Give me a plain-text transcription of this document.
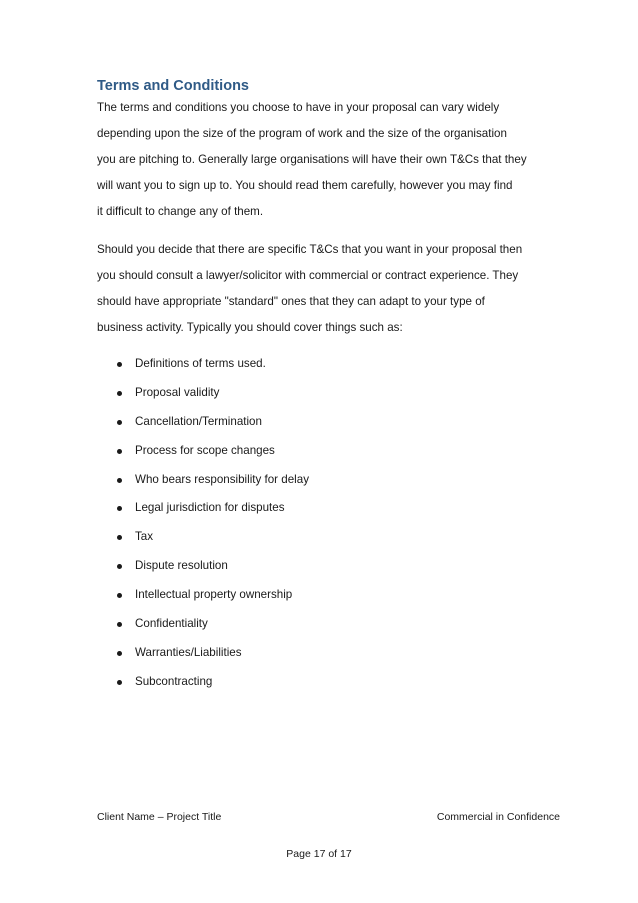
Terms and Conditions

The terms and conditions you choose to have in your proposal can vary widely
depending upon the size of the program of work and the size of the organisation
you are pitching to. Generally large organisations will have their own T&Cs that they
will want you to sign up to. You should read them carefully, however you may find
it difficult to change any of them.

Should you decide that there are specific T&Cs that you want in your proposal then
you should consult a lawyer/solicitor with commercial or contract experience. They
should have appropriate "standard" ones that they can adapt to your type of
business activity. Typically you should cover things such as:

Definitions of terms used.
Proposal validity
Cancellation/Termination
Process for scope changes
Who bears responsibility for delay
Legal jurisdiction for disputes
Tax
Dispute resolution
Intellectual property ownership
Confidentiality
Warranties/Liabilities
Subcontracting
Client Name – Project Title	Commercial in Confidence
Page 17 of 17
